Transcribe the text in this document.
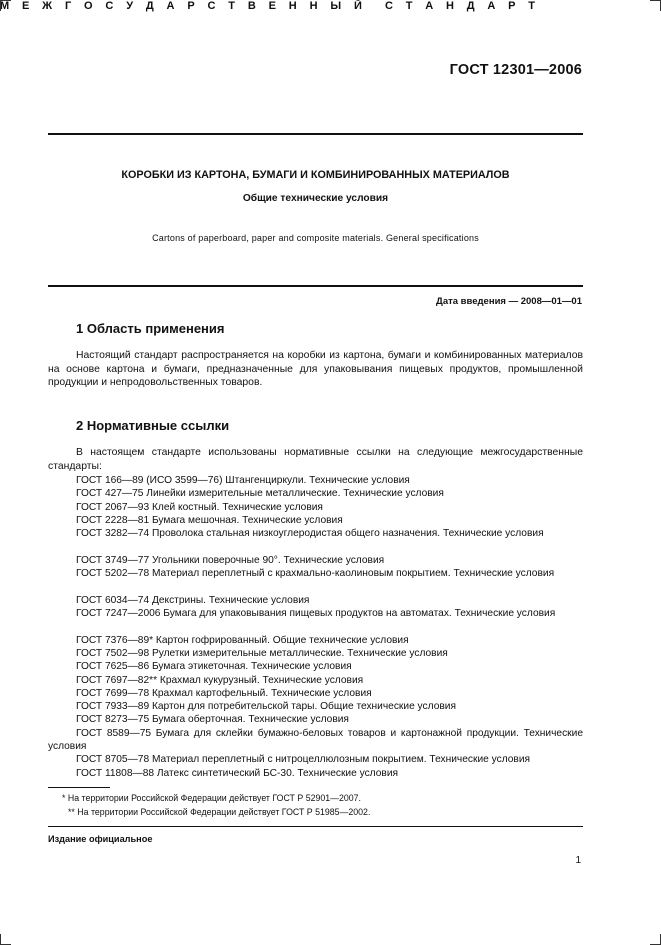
ГОСТ 12301—2006
М Е Ж Г О С У Д А Р С Т В Е Н Н Ы Й С Т А Н Д А Р Т
КОРОБКИ ИЗ КАРТОНА, БУМАГИ И КОМБИНИРОВАННЫХ МАТЕРИАЛОВ
Общие технические условия
Cartons of paperboard, paper and composite materials. General specifications
Дата введения — 2008—01—01
1 Область применения
Настоящий стандарт распространяется на коробки из картона, бумаги и комбинированных материалов на основе картона и бумаги, предназначенные для упаковывания пищевых продуктов, промышленной продукции и непродовольственных товаров.
2 Нормативные ссылки
В настоящем стандарте использованы нормативные ссылки на следующие межгосударственные стандарты:
ГОСТ 166—89 (ИСО 3599—76) Штангенциркули. Технические условия
ГОСТ 427—75 Линейки измерительные металлические. Технические условия
ГОСТ 2067—93 Клей костный. Технические условия
ГОСТ 2228—81 Бумага мешочная. Технические условия
ГОСТ 3282—74 Проволока стальная низкоуглеродистая общего назначения. Технические условия
ГОСТ 3749—77 Угольники поверочные 90°. Технические условия
ГОСТ 5202—78 Материал переплетный с крахмально-каолиновым покрытием. Технические условия
ГОСТ 6034—74 Декстрины. Технические условия
ГОСТ 7247—2006 Бумага для упаковывания пищевых продуктов на автоматах. Технические условия
ГОСТ 7376—89* Картон гофрированный. Общие технические условия
ГОСТ 7502—98 Рулетки измерительные металлические. Технические условия
ГОСТ 7625—86 Бумага этикеточная. Технические условия
ГОСТ 7697—82** Крахмал кукурузный. Технические условия
ГОСТ 7699—78 Крахмал картофельный. Технические условия
ГОСТ 7933—89 Картон для потребительской тары. Общие технические условия
ГОСТ 8273—75 Бумага оберточная. Технические условия
ГОСТ 8589—75 Бумага для склейки бумажно-беловых товаров и картонажной продукции. Технические условия
ГОСТ 8705—78 Материал переплетный с нитроцеллюлозным покрытием. Технические условия
ГОСТ 11808—88 Латекс синтетический БС-30. Технические условия
* На территории Российской Федерации действует ГОСТ Р 52901—2007.
** На территории Российской Федерации действует ГОСТ Р 51985—2002.
Издание официальное
1
